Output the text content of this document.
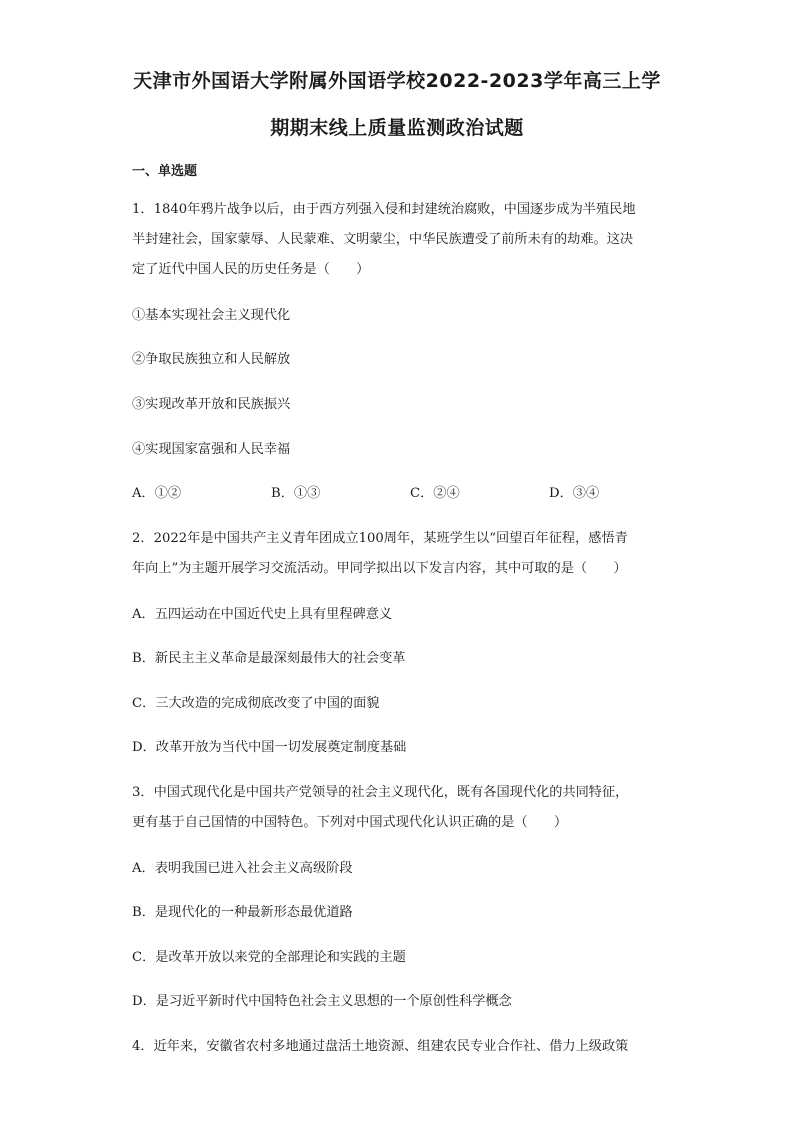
天津市外国语大学附属外国语学校2022-2023学年高三上学
期期末线上质量监测政治试题
一、单选题
1．1840年鸦片战争以后，由于西方列强入侵和封建统治腐败，中国逐步成为半殖民地
半封建社会，国家蒙辱、人民蒙难、文明蒙尘，中华民族遭受了前所未有的劫难。这决
定了近代中国人民的历史任务是（　　）
①基本实现社会主义现代化
②争取民族独立和人民解放
③实现改革开放和民族振兴
④实现国家富强和人民幸福
A．①②	B．①③	C．②④	D．③④
2．2022年是中国共产主义青年团成立100周年，某班学生以“回望百年征程，感悟青
年向上”为主题开展学习交流活动。甲同学拟出以下发言内容，其中可取的是（　　）
A．五四运动在中国近代史上具有里程碑意义
B．新民主主义革命是最深刻最伟大的社会变革
C．三大改造的完成彻底改变了中国的面貌
D．改革开放为当代中国一切发展奠定制度基础
3．中国式现代化是中国共产党领导的社会主义现代化，既有各国现代化的共同特征，
更有基于自己国情的中国特色。下列对中国式现代化认识正确的是（　　）
A．表明我国已进入社会主义高级阶段
B．是现代化的一种最新形态最优道路
C．是改革开放以来党的全部理论和实践的主题
D．是习近平新时代中国特色社会主义思想的一个原创性科学概念
4．近年来，安徽省农村多地通过盘活土地资源、组建农民专业合作社、借力上级政策
